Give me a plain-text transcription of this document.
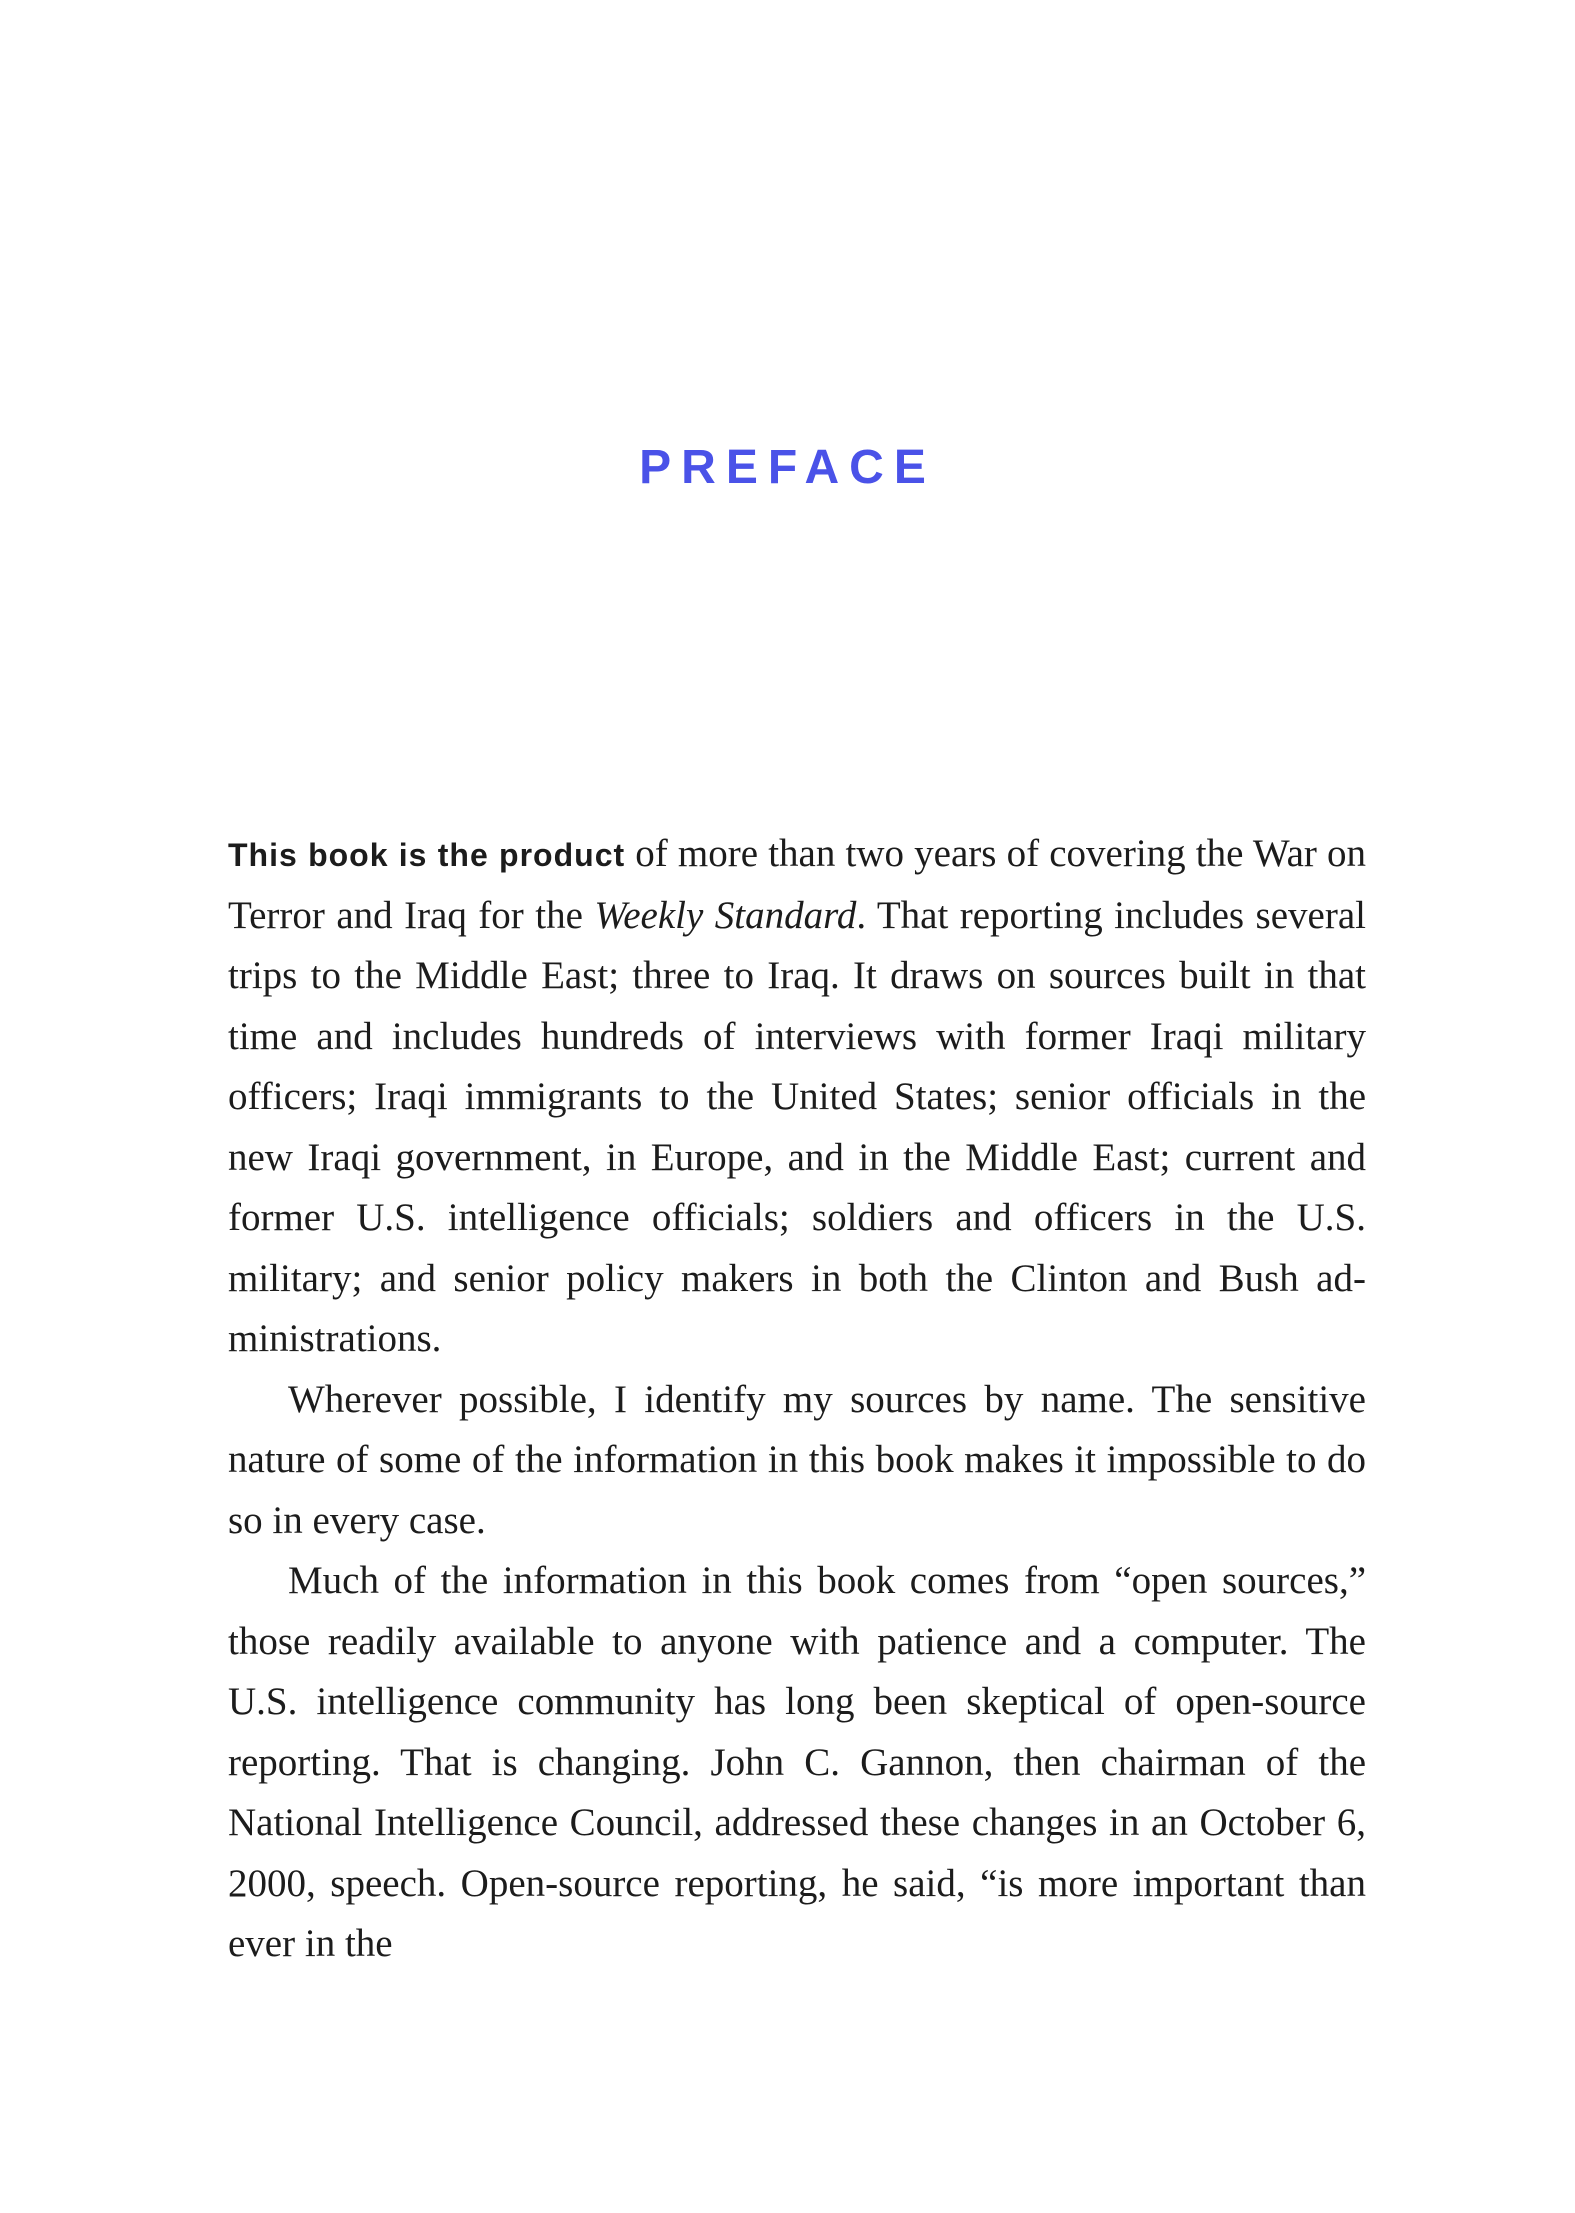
PREFACE

This book is the product of more than two years of covering the War on Terror and Iraq for the Weekly Standard. That reporting includes several trips to the Middle East; three to Iraq. It draws on sources built in that time and includes hundreds of interviews with former Iraqi military officers; Iraqi immigrants to the United States; senior officials in the new Iraqi government, in Europe, and in the Middle East; current and former U.S. intelligence officials; soldiers and officers in the U.S. military; and senior policy makers in both the Clinton and Bush administrations.

Wherever possible, I identify my sources by name. The sensitive nature of some of the information in this book makes it impossible to do so in every case.

Much of the information in this book comes from “open sources,” those readily available to anyone with patience and a computer. The U.S. intelligence community has long been skeptical of open-source reporting. That is changing. John C. Gannon, then chairman of the National Intelligence Council, addressed these changes in an October 6, 2000, speech. Open-source reporting, he said, “is more important than ever in the
